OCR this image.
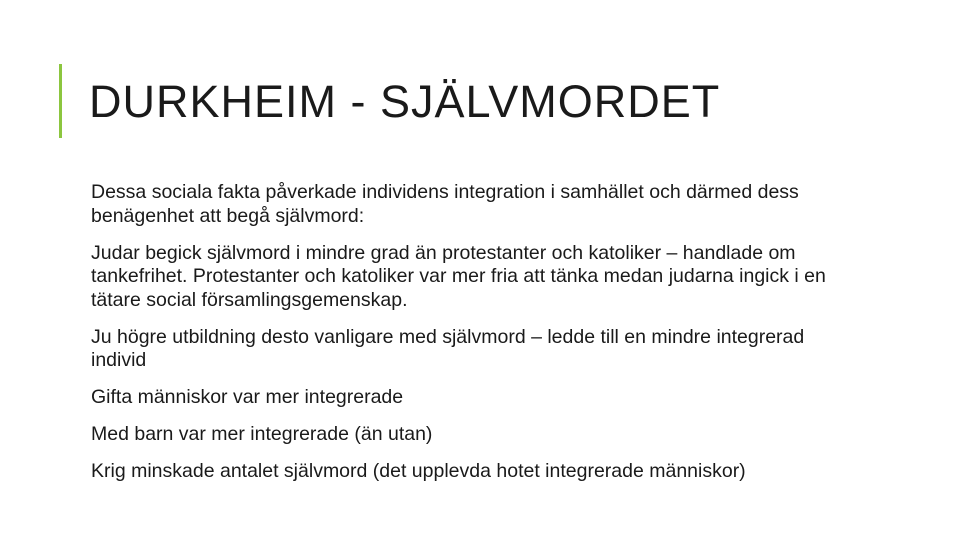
DURKHEIM - SJÄLVMORDET
Dessa sociala fakta påverkade individens integration i samhället och därmed dess benägenhet att begå självmord:
Judar begick självmord i mindre grad än protestanter och katoliker – handlade om tankefrihet. Protestanter och katoliker var mer fria att tänka medan judarna ingick i en tätare social församlingsgemenskap.
Ju högre utbildning desto vanligare med självmord – ledde till en mindre integrerad individ
Gifta människor var mer integrerade
Med barn var mer integrerade (än utan)
Krig minskade antalet självmord (det upplevda hotet integrerade människor)
